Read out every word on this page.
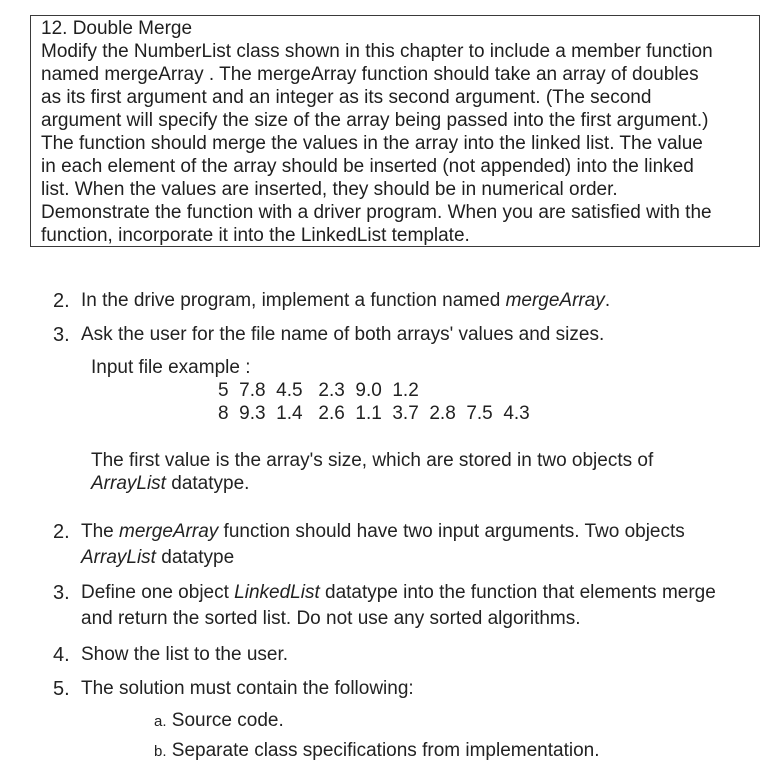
12. Double Merge
Modify the NumberList class shown in this chapter to include a member function
named mergeArray . The mergeArray function should take an array of doubles
as its first argument and an integer as its second argument. (The second
argument will specify the size of the array being passed into the first argument.)
The function should merge the values in the array into the linked list. The value
in each element of the array should be inserted (not appended) into the linked
list. When the values are inserted, they should be in numerical order.
Demonstrate the function with a driver program. When you are satisfied with the
function, incorporate it into the LinkedList template.
2. In the drive program, implement a function named mergeArray.
3. Ask the user for the file name of both arrays' values and sizes.
Input file example :
5 7.8 4.5 2.3 9.0 1.2
8 9.3 1.4 2.6 1.1 3.7 2.8 7.5 4.3
The first value is the array's size, which are stored in two objects of
ArrayList datatype.
2. The mergeArray function should have two input arguments. Two objects
ArrayList datatype
3. Define one object LinkedList datatype into the function that elements merge
and return the sorted list. Do not use any sorted algorithms.
4. Show the list to the user.
5. The solution must contain the following:
a. Source code.
b. Separate class specifications from implementation.
